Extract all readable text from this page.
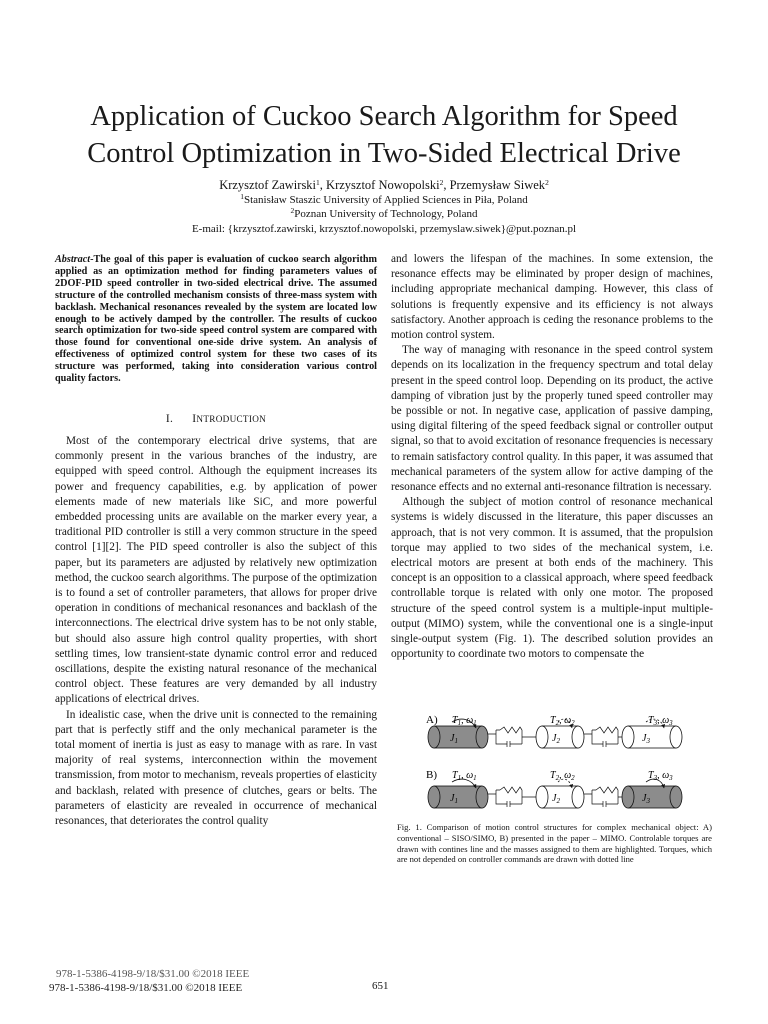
Application of Cuckoo Search Algorithm for Speed
Control Optimization in Two-Sided Electrical Drive
Krzysztof Zawirski$^1$, Krzysztof Nowopolski$^2$, Przemysław Siwek$^2$
$^1$Stanisław Staszic University of Applied Sciences in Piła, Poland
$^2$Poznan University of Technology, Poland
E-mail: {krzysztof.zawirski, krzysztof.nowopolski, przemyslaw.siwek}@put.poznan.pl
Abstract-The goal of this paper is evaluation of cuckoo search algorithm applied as an optimization method for finding parameters values of 2DOF-PID speed controller in two-sided electrical drive. The assumed structure of the controlled mechanism consists of three-mass system with backlash. Mechanical resonances revealed by the system are located low enough to be actively damped by the controller. The results of cuckoo search optimization for two-side speed control system are compared with those found for conventional one-side drive system. An analysis of effectiveness of optimized control system for these two cases of its structure was performed, taking into consideration various control quality factors.
I. INTRODUCTION

Most of the contemporary electrical drive systems, that are commonly present in the various branches of the industry, are equipped with speed control. Although the equipment increases its power and frequency capabilities, e.g. by application of power elements made of new materials like SiC, and more powerful embedded processing units are available on the marker every year, a traditional PID controller is still a very common structure in the speed control [1][2]. The PID speed controller is also the subject of this paper, but its parameters are adjusted by relatively new optimization method, the cuckoo search algorithms. The purpose of the optimization is to found a set of controller parameters, that allows for proper drive operation in conditions of mechanical resonances and backlash of the interconnections. The electrical drive system has to be not only stable, but should also assure high control quality properties, with short settling times, low transient-state dynamic control error and reduced oscillations, despite the existing natural resonance of the mechanical control object. These features are very demanded by all industry applications of electrical drives.

In idealistic case, when the drive unit is connected to the remaining part that is perfectly stiff and the only mechanical parameter is the total moment of inertia is just as easy to manage with as rare. In vast majority of real systems, interconnection within the movement transmission, from motor to mechanism, reveals properties of elasticity and backlash, related with presence of clutches, gears or belts. The parameters of elasticity are revealed in occurrence of mechanical resonances, that deteriorates the control quality

and lowers the lifespan of the machines. In some extension, the resonance effects may be eliminated by proper design of machines, including appropriate mechanical damping. However, this class of solutions is frequently expensive and its efficiency is not always satisfactory. Another approach is ceding the resonance problems to the motion control system.

The way of managing with resonance in the speed control system depends on its localization in the frequency spectrum and total delay present in the speed control loop. Depending on its product, the active damping of vibration just by the properly tuned speed controller may be possible or not. In negative case, application of passive damping, using digital filtering of the speed feedback signal or controller output signal, so that to avoid excitation of resonance frequencies is necessary to remain satisfactory control quality. In this paper, it was assumed that mechanical parameters of the system allow for active damping of the resonance effects and no external anti-resonance filtration is necessary.

Although the subject of motion control of resonance mechanical systems is widely discussed in the literature, this paper discusses an approach, that is not very common. It is assumed, that the propulsion torque may applied to two sides of the mechanical system, i.e. electrical motors are present at both ends of the machinery. This concept is an opposition to a classical approach, where speed feedback controllable torque is related with only one motor. The proposed structure of the speed control system is a multiple-input multiple-output (MIMO) system, while the conventional one is a single-input single-output system (Fig. 1). The described solution provides an opportunity to coordinate two motors to compensate the

A)
$J_1$	$J_2$	$J_3$
$T_1$, $\omega_1$	$T_2$, $\omega_2$	$T_3$, $\omega_3$
B)
$J_1$	$J_2$	$J_3$
$T_1$, $\omega_1$	$T_2$, $\omega_2$	$T_3$, $\omega_3$
Fig. 1. Comparison of motion control structures for complex mechanical object: A) conventional – SISO/SIMO, B) presented in the paper – MIMO. Controlable torques are drawn with contines line and the masses assigned to them are highlighted. Torques, which are not depended on controller commands are drawn with dotted line
978-1-5386-4198-9/18/$31.00 ©2018 IEEE
978-1-5386-4198-9/18/$31.00 ©2018 IEEE	651
